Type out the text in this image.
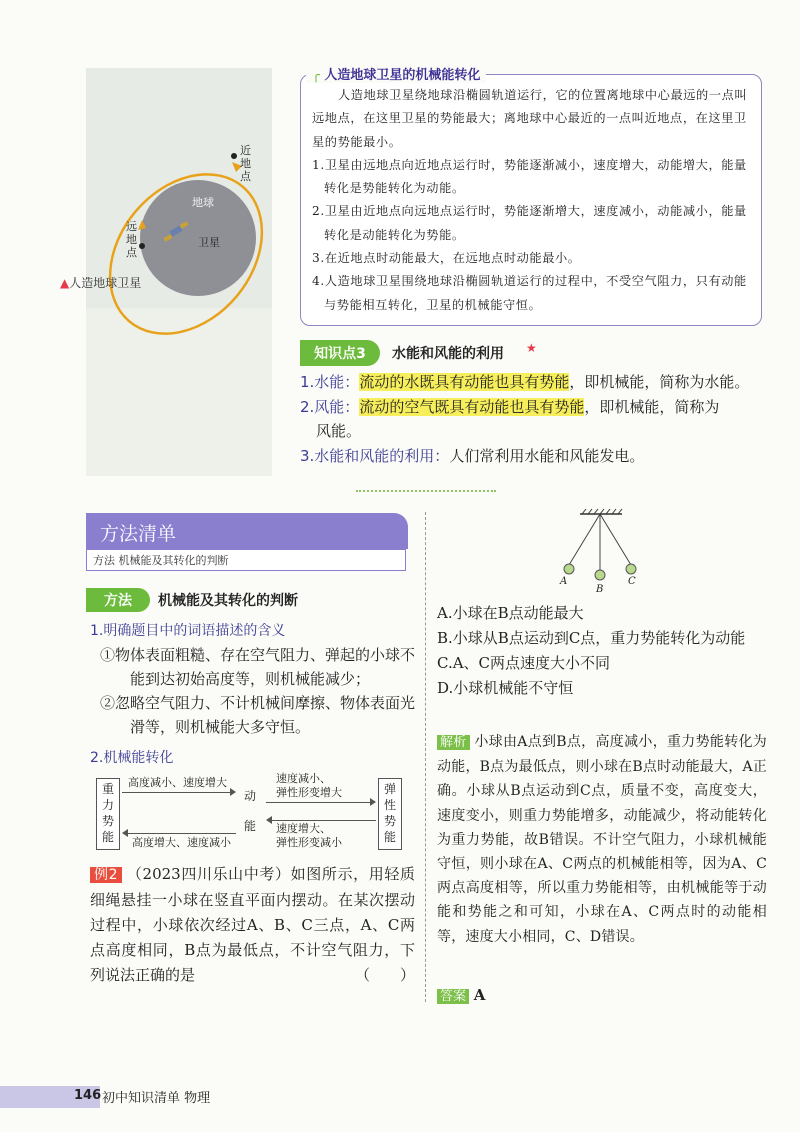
地球
近
地
点
远
地
点
卫星
▲人造地球卫星
╭ 人造地球卫星的机械能转化

人造地球卫星绕地球沿椭圆轨道运行，它的位置离地球中心最远的一点叫远地点，在这里卫星的势能最大；离地球中心最近的一点叫近地点，在这里卫星的势能最小。

1.卫星由远地点向近地点运行时，势能逐渐减小，速度增大，动能增大，能量转化是势能转化为动能。

2.卫星由近地点向远地点运行时，势能逐渐增大，速度减小，动能减小，能量转化是动能转化为势能。

3.在近地点时动能最大，在远地点时动能最小。

4.人造地球卫星围绕地球沿椭圆轨道运行的过程中，不受空气阻力，只有动能与势能相互转化，卫星的机械能守恒。

知识点3	水能和风能的利用 ★

1.水能：流动的水既具有动能也具有势能，即机械能，简称为水能。

2.风能：流动的空气既具有动能也具有势能，即机械能，简称为
风能。

3.水能和风能的利用：人们常利用水能和风能发电。

方法清单
方法 机械能及其转化的判断
方法	机械能及其转化的判断
1.明确题目中的词语描述的含义

①物体表面粗糙、存在空气阻力、弹起的小球不能到达初始高度等，则机械能减少；

②忽略空气阻力、不计机械间摩擦、物体表面光滑等，则机械能大多守恒。

2.机械能转化
重
力
势
能
动
能
弹
性
势
能
高度减小、速度增大
高度增大、速度减小
速度减小、
弹性形变增大
速度增大、
弹性形变减小
例2 （2023四川乐山中考）如图所示，用轻质细绳悬挂一小球在竖直平面内摆动。在某次摆动过程中，小球依次经过A、B、C三点，A、C两点高度相同，B点为最低点，不计空气阻力，下列说法正确的是	（　　）
A
B
C

A.小球在B点动能最大

B.小球从B点运动到C点，重力势能转化为动能

C.A、C两点速度大小不同

D.小球机械能不守恒

解析 小球由A点到B点，高度减小，重力势能转化为动能，B点为最低点，则小球在B点时动能最大，A正确。小球从B点运动到C点，质量不变，高度变大，速度变小，则重力势能增多，动能减少，将动能转化为重力势能，故B错误。不计空气阻力，小球机械能守恒，则小球在A、C两点的机械能相等，因为A、C两点高度相等，所以重力势能相等，由机械能等于动能和势能之和可知，小球在A、C两点时的动能相等，速度大小相同，C、D错误。
答案 A
146 初中知识清单 物理
